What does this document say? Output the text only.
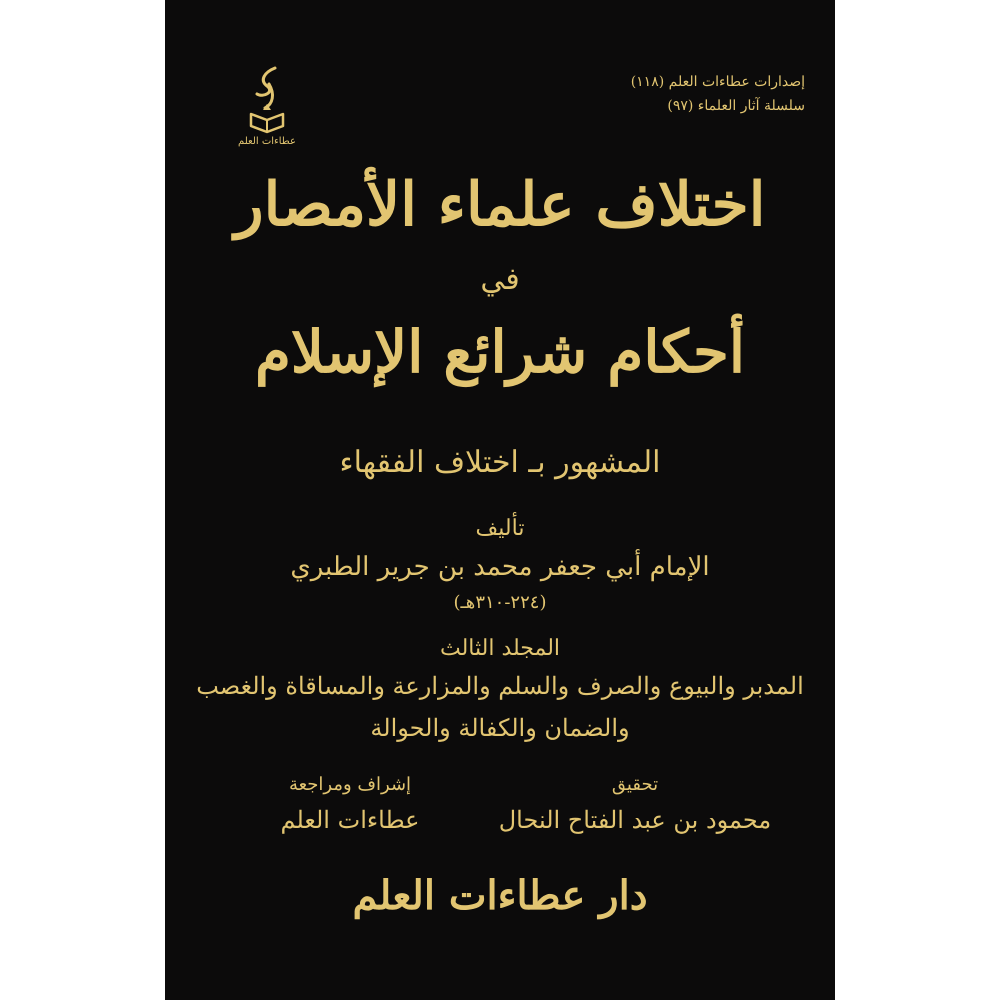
إصدارات عطاءات العلم (١١٨)
سلسلة آثار العلماء (٩٧)
عطاءات العلم
اختلاف علماء الأمصار
في
أحكام شرائع الإسلام
المشهور بـ اختلاف الفقهاء
تأليف
الإمام أبي جعفر محمد بن جرير الطبري
(٢٢٤-٣١٠هـ)
المجلد الثالث
المدبر والبيوع والصرف والسلم والمزارعة والمساقاة والغصب
والضمان والكفالة والحوالة
تحقيق
محمود بن عبد الفتاح النحال
إشراف ومراجعة
عطاءات العلم
دار عطاءات العلم
